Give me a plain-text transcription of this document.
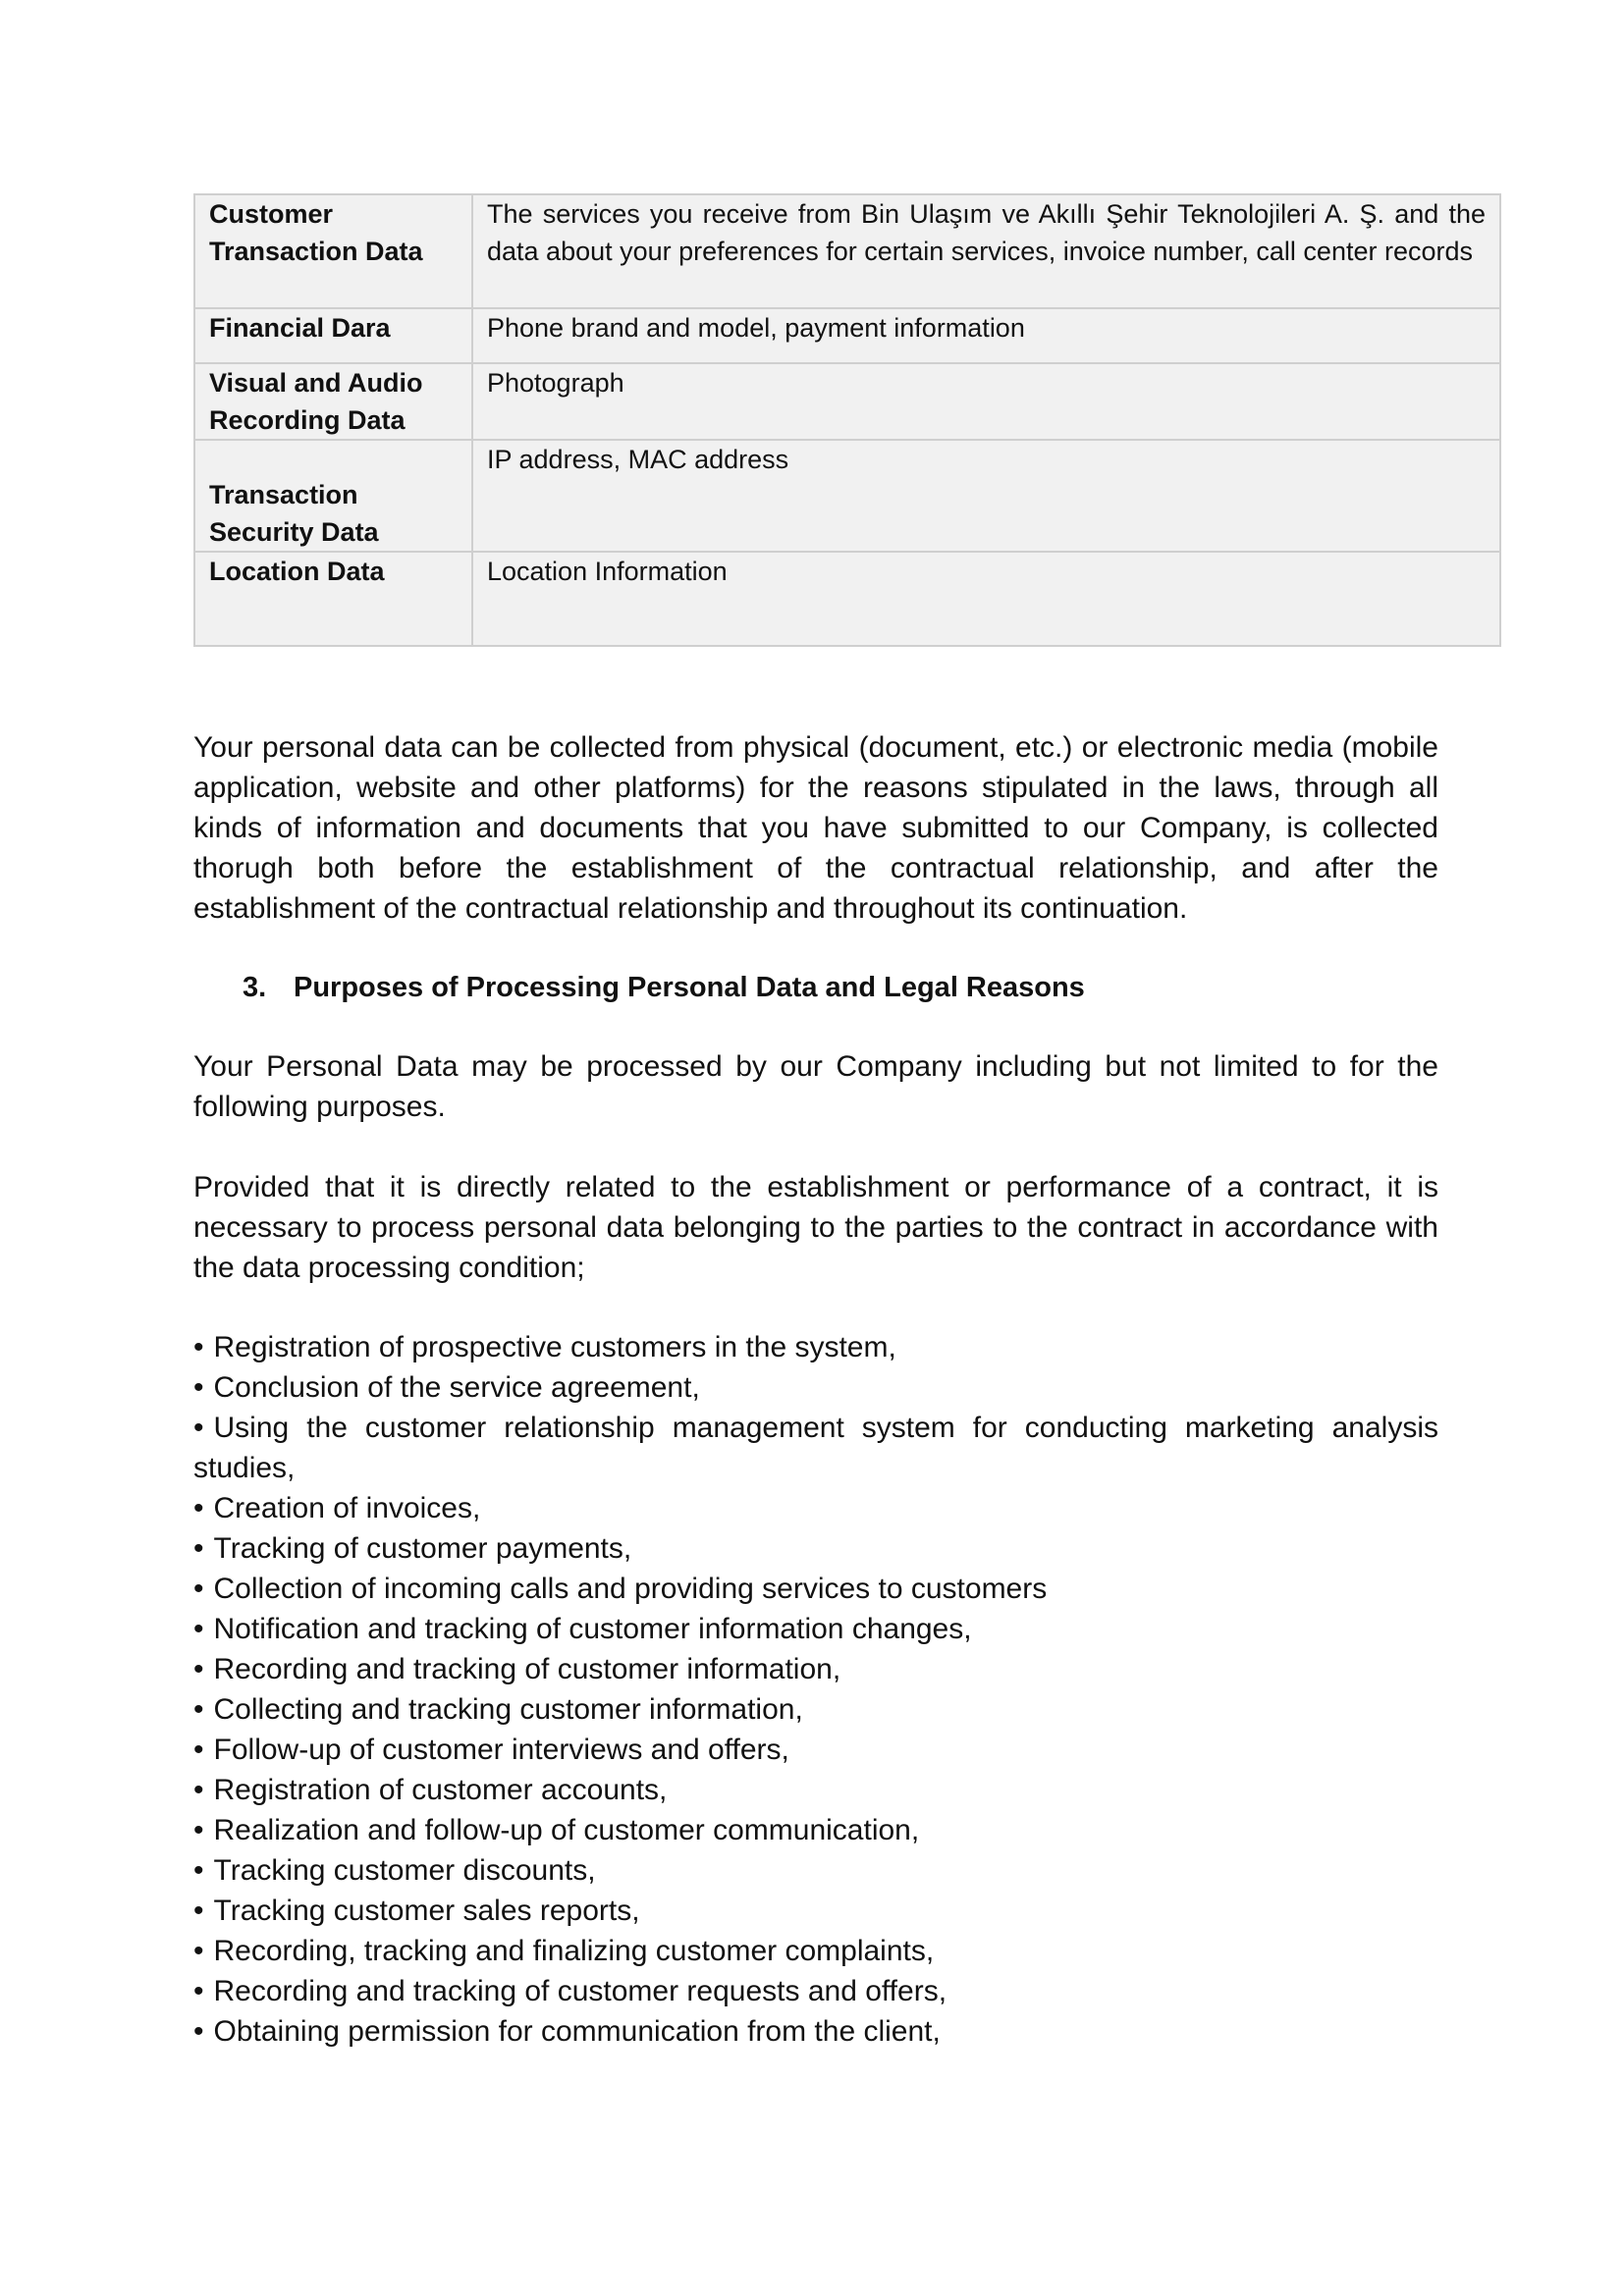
Customer Transaction Data	The services you receive from Bin Ulaşım ve Akıllı Şehir Teknolojileri A. Ş. and the data about your preferences for certain services, invoice number, call center records
Financial Dara	Phone brand and model, payment information
Visual and Audio Recording Data	Photograph
Transaction Security Data	IP address, MAC address
Location Data	Location Information

Your personal data can be collected from physical (document, etc.) or electronic media (mobile application, website and other platforms) for the reasons stipulated in the laws, through all kinds of information and documents that you have submitted to our Company, is collected thorugh both before the establishment of the contractual relationship, and after the establishment of the contractual relationship and throughout its continuation.

3. Purposes of Processing Personal Data and Legal Reasons

Your Personal Data may be processed by our Company including but not limited to for the following purposes.

Provided that it is directly related to the establishment or performance of a contract, it is necessary to process personal data belonging to the parties to the contract in accordance with the data processing condition;

• Registration of prospective customers in the system,
• Conclusion of the service agreement,
• Using the customer relationship management system for conducting marketing analysis studies,
• Creation of invoices,
• Tracking of customer payments,
• Collection of incoming calls and providing services to customers
• Notification and tracking of customer information changes,
• Recording and tracking of customer information,
• Collecting and tracking customer information,
• Follow-up of customer interviews and offers,
• Registration of customer accounts,
• Realization and follow-up of customer communication,
• Tracking customer discounts,
• Tracking customer sales reports,
• Recording, tracking and finalizing customer complaints,
• Recording and tracking of customer requests and offers,
• Obtaining permission for communication from the client,
